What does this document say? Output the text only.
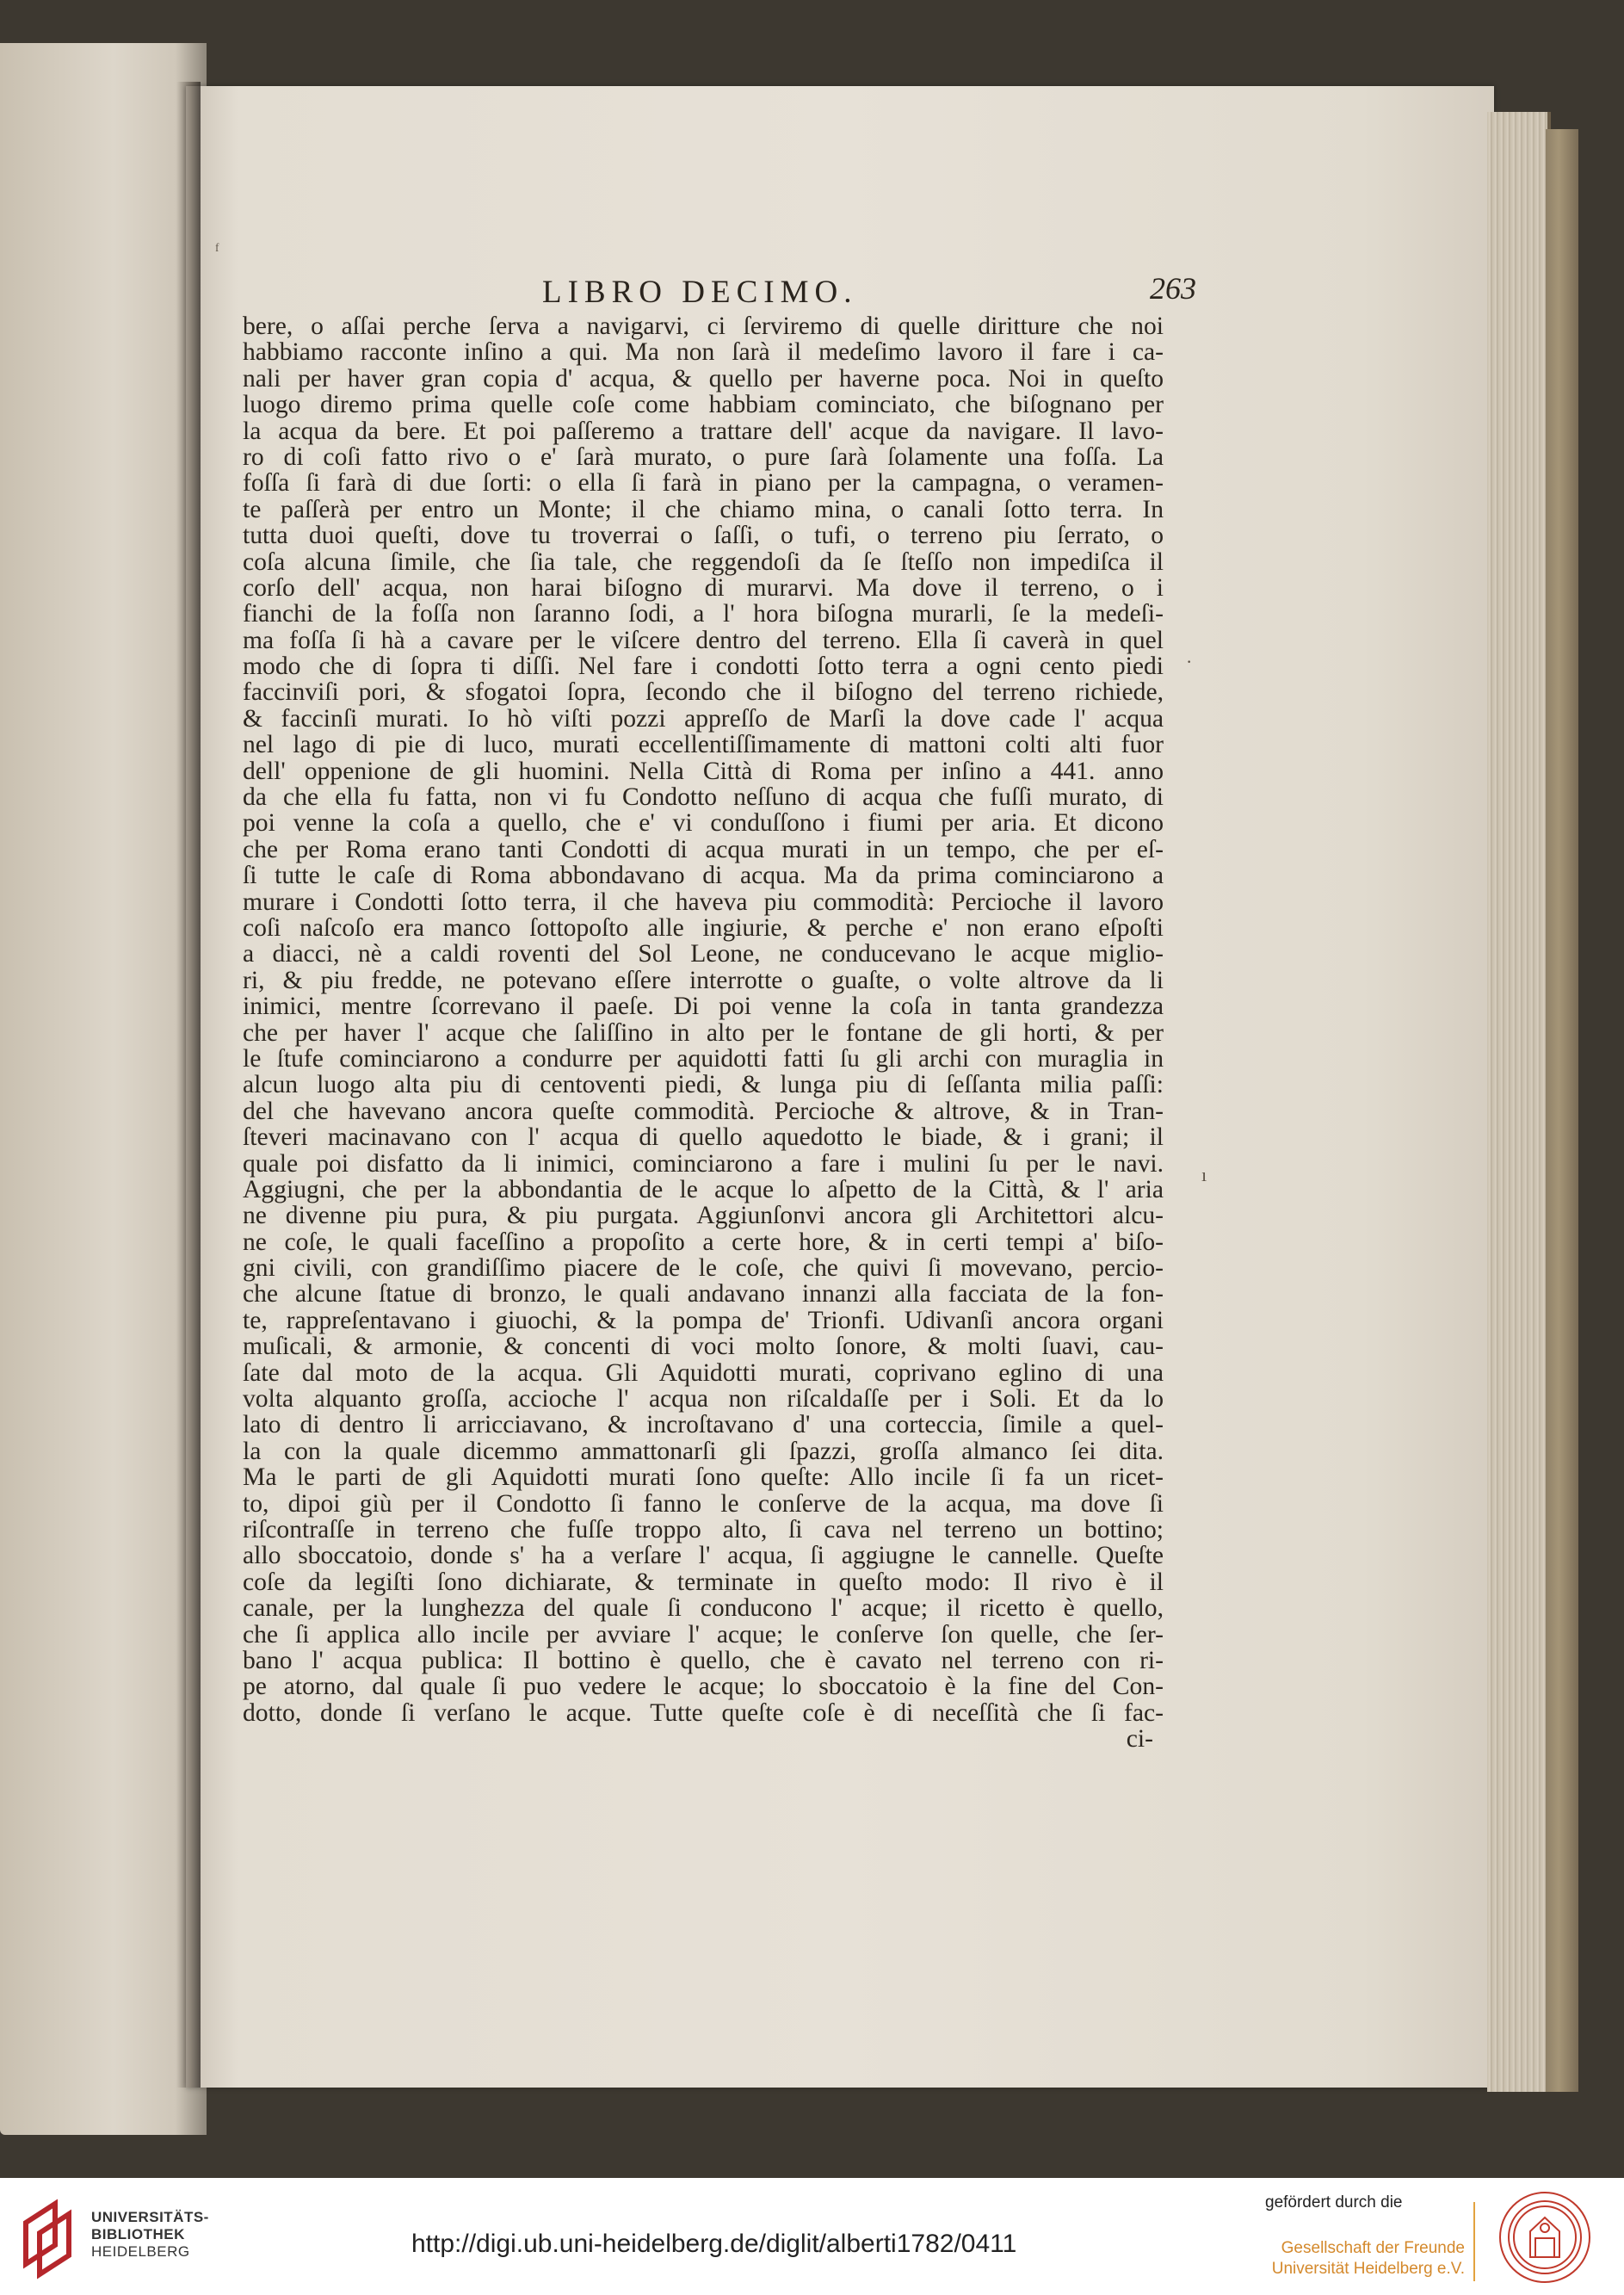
ᶠ
·
ı
LIBRO DECIMO.	263
bere, o aſſai perche ſerva a navigarvi, ci ſerviremo di quelle diritture che noi
habbiamo racconte inſino a qui. Ma non ſarà il medeſimo lavoro il fare i ca-
nali per haver gran copia d' acqua, & quello per haverne poca. Noi in queſto
luogo diremo prima quelle coſe come habbiam cominciato, che biſognano per
la acqua da bere. Et poi paſſeremo a trattare dell' acque da navigare. Il lavo-
ro di coſi fatto rivo o e' ſarà murato, o pure ſarà ſolamente una foſſa. La
foſſa ſi farà di due ſorti: o ella ſi farà in piano per la campagna, o veramen-
te paſſerà per entro un Monte; il che chiamo mina, o canali ſotto terra. In
tutta duoi queſti, dove tu troverrai o ſaſſi, o tufi, o terreno piu ſerrato, o
coſa alcuna ſimile, che ſia tale, che reggendoſi da ſe ſteſſo non impediſca il
corſo dell' acqua, non harai biſogno di murarvi. Ma dove il terreno, o i
fianchi de la foſſa non ſaranno ſodi, a l' hora biſogna murarli, ſe la medeſi-
ma foſſa ſi hà a cavare per le viſcere dentro del terreno. Ella ſi caverà in quel
modo che di ſopra ti diſſi. Nel fare i condotti ſotto terra a ogni cento piedi
faccinviſi pori, & sfogatoi ſopra, ſecondo che il biſogno del terreno richiede,
& faccinſi murati. Io hò viſti pozzi appreſſo de Marſi la dove cade l' acqua
nel lago di pie di luco, murati eccellentiſſimamente di mattoni colti alti fuor
dell' oppenione de gli huomini. Nella Città di Roma per inſino a 441. anno
da che ella fu fatta, non vi fu Condotto neſſuno di acqua che fuſſi murato, di
poi venne la coſa a quello, che e' vi conduſſono i fiumi per aria. Et dicono
che per Roma erano tanti Condotti di acqua murati in un tempo, che per eſ-
ſi tutte le caſe di Roma abbondavano di acqua. Ma da prima cominciarono a
murare i Condotti ſotto terra, il che haveva piu commodità: Percioche il lavoro
coſi naſcoſo era manco ſottopoſto alle ingiurie, & perche e' non erano eſpoſti
a diacci, nè a caldi roventi del Sol Leone, ne conducevano le acque miglio-
ri, & piu fredde, ne potevano eſſere interrotte o guaſte, o volte altrove da li
inimici, mentre ſcorrevano il paeſe. Di poi venne la coſa in tanta grandezza
che per haver l' acque che ſaliſſino in alto per le fontane de gli horti, & per
le ſtufe cominciarono a condurre per aquidotti fatti ſu gli archi con muraglia in
alcun luogo alta piu di centoventi piedi, & lunga piu di ſeſſanta milia paſſi:
del che havevano ancora queſte commodità. Percioche & altrove, & in Tran-
ſteveri macinavano con l' acqua di quello aquedotto le biade, & i grani; il
quale poi disfatto da li inimici, cominciarono a fare i mulini ſu per le navi.
Aggiugni, che per la abbondantia de le acque lo aſpetto de la Città, & l' aria
ne divenne piu pura, & piu purgata. Aggiunſonvi ancora gli Architettori alcu-
ne coſe, le quali faceſſino a propoſito a certe hore, & in certi tempi a' biſo-
gni civili, con grandiſſimo piacere de le coſe, che quivi ſi movevano, percio-
che alcune ſtatue di bronzo, le quali andavano innanzi alla facciata de la fon-
te, rappreſentavano i giuochi, & la pompa de' Trionfi. Udivanſi ancora organi
muſicali, & armonie, & concenti di voci molto ſonore, & molti ſuavi, cau-
ſate dal moto de la acqua. Gli Aquidotti murati, coprivano eglino di una
volta alquanto groſſa, accioche l' acqua non riſcaldaſſe per i Soli. Et da lo
lato di dentro li arricciavano, & incroſtavano d' una corteccia, ſimile a quel-
la con la quale dicemmo ammattonarſi gli ſpazzi, groſſa almanco ſei dita.
Ma le parti de gli Aquidotti murati ſono queſte: Allo incile ſi fa un ricet-
to, dipoi giù per il Condotto ſi fanno le conſerve de la acqua, ma dove ſi
riſcontraſſe in terreno che fuſſe troppo alto, ſi cava nel terreno un bottino;
allo sboccatoio, donde s' ha a verſare l' acqua, ſi aggiugne le cannelle. Queſte
coſe da legiſti ſono dichiarate, & terminate in queſto modo: Il rivo è il
canale, per la lunghezza del quale ſi conducono l' acque; il ricetto è quello,
che ſi applica allo incile per avviare l' acque; le conſerve ſon quelle, che ſer-
bano l' acqua publica: Il bottino è quello, che è cavato nel terreno con ri-
pe atorno, dal quale ſi puo vedere le acque; lo sboccatoio è la fine del Con-
dotto, donde ſi verſano le acque. Tutte queſte coſe è di neceſſità che ſi fac-
ci-
UNIVERSITÄTS-
BIBLIOTHEK
HEIDELBERG	http://digi.ub.uni-heidelberg.de/diglit/alberti1782/0411
gefördert durch die
Gesellschaft der Freunde
Universität Heidelberg e.V.
